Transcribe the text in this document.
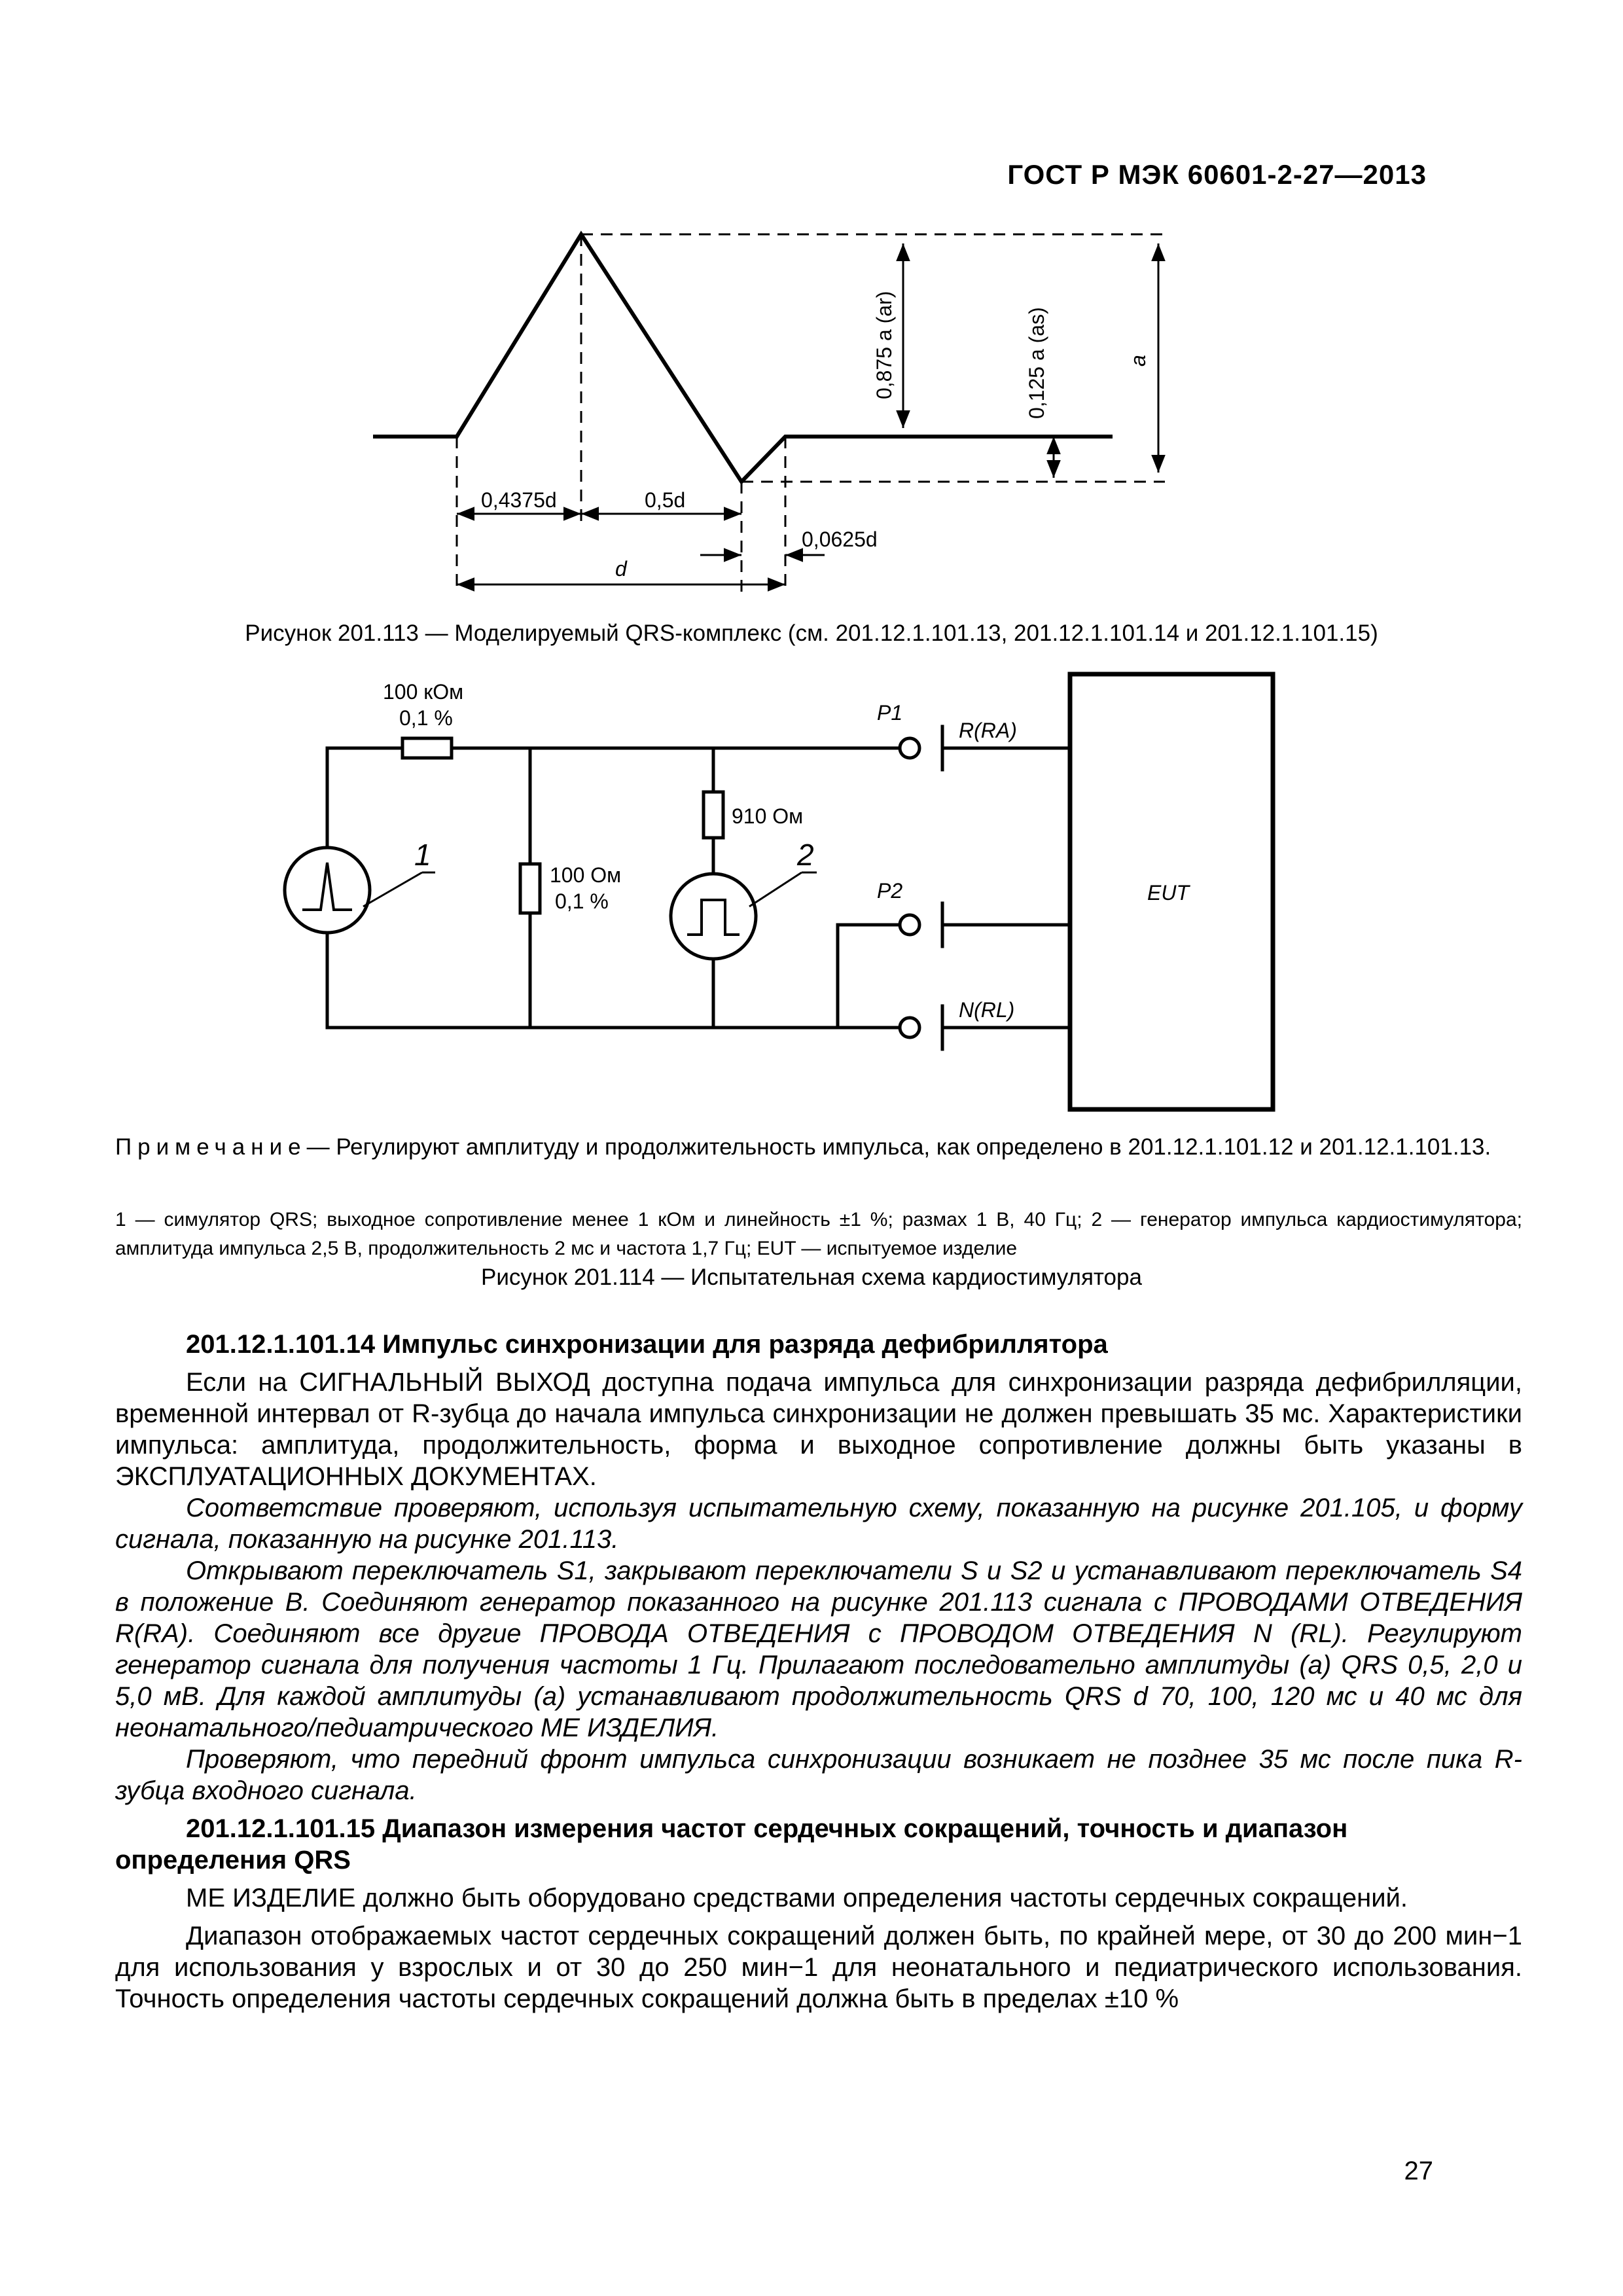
ГОСТ Р МЭК 60601-2-27—2013
0,4375d	0,5d
0,0625d
d
0,875 a (ar)	0,125 a (as)	a
Рисунок 201.113 — Моделируемый QRS-комплекс (см. 201.12.1.101.13, 201.12.1.101.14 и 201.12.1.101.15)
100 кОм
0,1 %
100 Ом
0,1 %
910 Ом
1	2
P1
P2
R(RA)
N(RL)
EUT
Примечание— Регулируют амплитуду и продолжительность импульса, как определено в 201.12.1.101.12 и 201.12.1.101.13.
1 — симулятор QRS; выходное сопротивление менее 1 кОм и линейность ±1 %; размах 1 В, 40 Гц; 2 — генератор импульса кардиостимулятора; амплитуда импульса 2,5 В, продолжительность 2 мс и частота 1,7 Гц; EUT — испытуемое изделие
Рисунок 201.114 — Испытательная схема кардиостимулятора
201.12.1.101.14 Импульс синхронизации для разряда дефибриллятора

Если на СИГНАЛЬНЫЙ ВЫХОД доступна подача импульса для синхронизации разряда дефибрилляции, временной интервал от R-зубца до начала импульса синхронизации не должен превышать 35 мс. Характеристики импульса: амплитуда, продолжительность, форма и выходное сопротивление должны быть указаны в ЭКСПЛУАТАЦИОННЫХ ДОКУМЕНТАХ.

Соответствие проверяют, используя испытательную схему, показанную на рисунке 201.105, и форму сигнала, показанную на рисунке 201.113.

Открывают переключатель S1, закрывают переключатели S и S2 и устанавливают переключатель S4 в положение B. Соединяют генератор показанного на рисунке 201.113 сигнала с ПРОВОДАМИ ОТВЕДЕНИЯ R(RA). Соединяют все другие ПРОВОДА ОТВЕДЕНИЯ с ПРОВОДОМ ОТВЕДЕНИЯ N (RL). Регулируют генератор сигнала для получения частоты 1 Гц. Прилагают последовательно амплитуды (a) QRS 0,5, 2,0 и 5,0 мВ. Для каждой амплитуды (a) устанавливают продолжительность QRS d 70, 100, 120 мс и 40 мс для неонатального/педиатрического МЕ ИЗДЕЛИЯ.

Проверяют, что передний фронт импульса синхронизации возникает не позднее 35 мс после пика R-зубца входного сигнала.

201.12.1.101.15 Диапазон измерения частот сердечных сокращений, точность и диапазон определения QRS

МЕ ИЗДЕЛИЕ должно быть оборудовано средствами определения частоты сердечных сокращений.

Диапазон отображаемых частот сердечных сокращений должен быть, по крайней мере, от 30 до 200 мин−1 для использования у взрослых и от 30 до 250 мин−1 для неонатального и педиатрического использования. Точность определения частоты сердечных сокращений должна быть в пределах ±10 %

27
